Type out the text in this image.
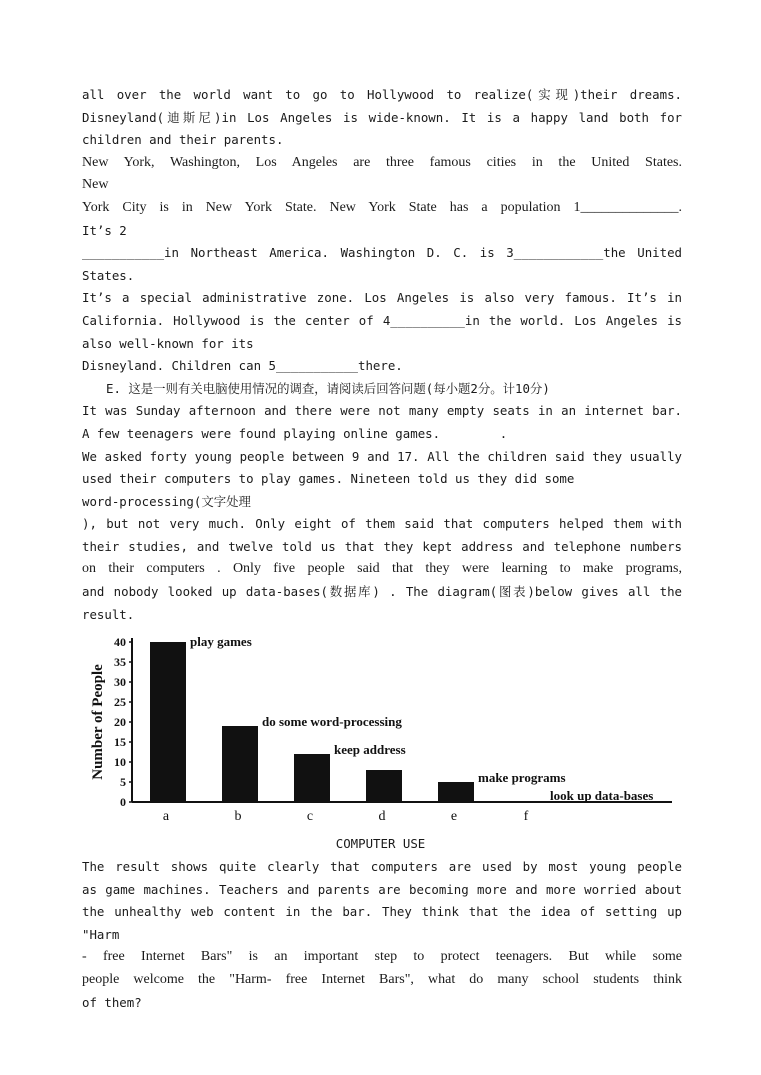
all over the world want to go to Hollywood to realize(实现)their dreams.
Disneyland(迪斯尼)in Los Angeles is wide-known. It is a happy land both for
children and their parents.
New York, Washington, Los Angeles are three famous cities in the United States.
New
York City is in New York State. New York State has a population 1______________.
It’s 2
___________in Northeast America. Washington D. C. is 3____________the United
States.
It’s a special administrative zone. Los Angeles is also very famous. It’s in
California. Hollywood is the center of 4__________in the world. Los Angeles is
also well-known for its
Disneyland. Children can 5___________there.
E. 这是一则有关电脑使用情况的调查，请阅读后回答问题(每小题2分。计10分)
It was Sunday afternoon and there were not many empty seats in an internet bar.
A few teenagers were found playing online games.        .
We asked forty young people between 9 and 17. All the children said they usually
used their computers to play games. Nineteen told us they did some
word-processing(文字处理
), but not very much. Only eight of them said that computers helped them with
their studies, and twelve told us that they kept address and telephone numbers
on their computers . Only five people said that they were learning to make programs,
and nobody looked up data-bases(数据库) . The diagram(图表)below gives all the
result.
Number of People
0
5
10
15
20
25
30
35
40
a
play games
b
do some word-processing
c
keep address
d	e
make programs
f
look up data-bases
COMPUTER USE
The result shows quite clearly that computers are used by most young people
as game machines. Teachers and parents are becoming more and more worried about
the unhealthy web content in the bar. They think that the idea of setting up "Harm
- free Internet Bars" is an important step to protect teenagers. But while some
people welcome the "Harm- free Internet Bars", what do many school students think
of them?
